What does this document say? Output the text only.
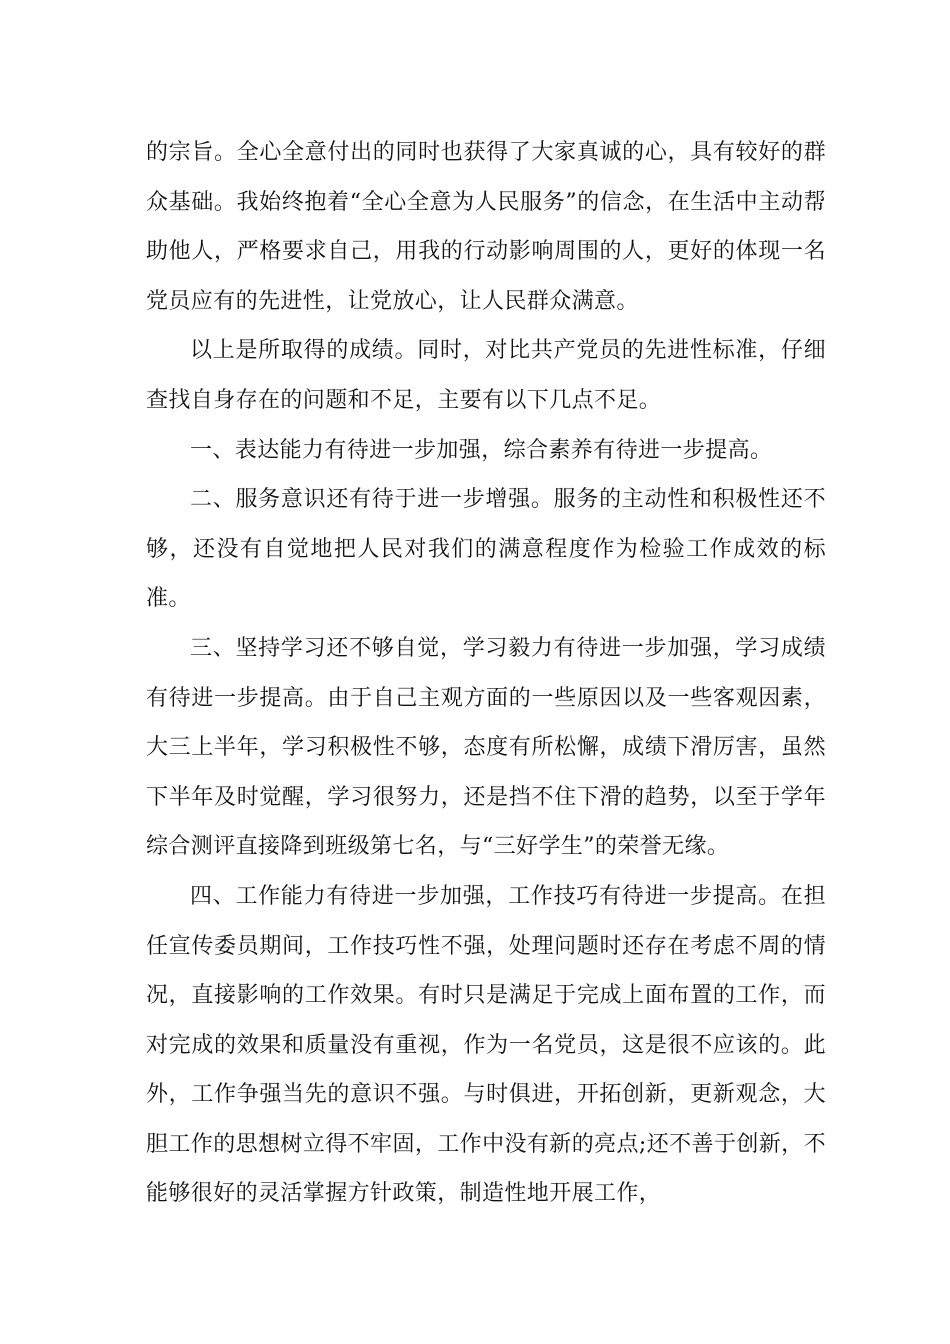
的宗旨。全心全意付出的同时也获得了大家真诚的心，具有较好的群众基础。我始终抱着“全心全意为人民服务”的信念，在生活中主动帮助他人，严格要求自己，用我的行动影响周围的人，更好的体现一名党员应有的先进性，让党放心，让人民群众满意。

以上是所取得的成绩。同时，对比共产党员的先进性标准，仔细查找自身存在的问题和不足，主要有以下几点不足。

一、表达能力有待进一步加强，综合素养有待进一步提高。

二、服务意识还有待于进一步增强。服务的主动性和积极性还不够，还没有自觉地把人民对我们的满意程度作为检验工作成效的标准。

三、坚持学习还不够自觉，学习毅力有待进一步加强，学习成绩有待进一步提高。由于自己主观方面的一些原因以及一些客观因素，大三上半年，学习积极性不够，态度有所松懈，成绩下滑厉害，虽然下半年及时觉醒，学习很努力，还是挡不住下滑的趋势，以至于学年综合测评直接降到班级第七名，与“三好学生”的荣誉无缘。

四、工作能力有待进一步加强，工作技巧有待进一步提高。在担任宣传委员期间，工作技巧性不强，处理问题时还存在考虑不周的情况，直接影响的工作效果。有时只是满足于完成上面布置的工作，而对完成的效果和质量没有重视，作为一名党员，这是很不应该的。此外，工作争强当先的意识不强。与时俱进，开拓创新，更新观念，大胆工作的思想树立得不牢固，工作中没有新的亮点;还不善于创新，不能够很好的灵活掌握方针政策，制造性地开展工作，
